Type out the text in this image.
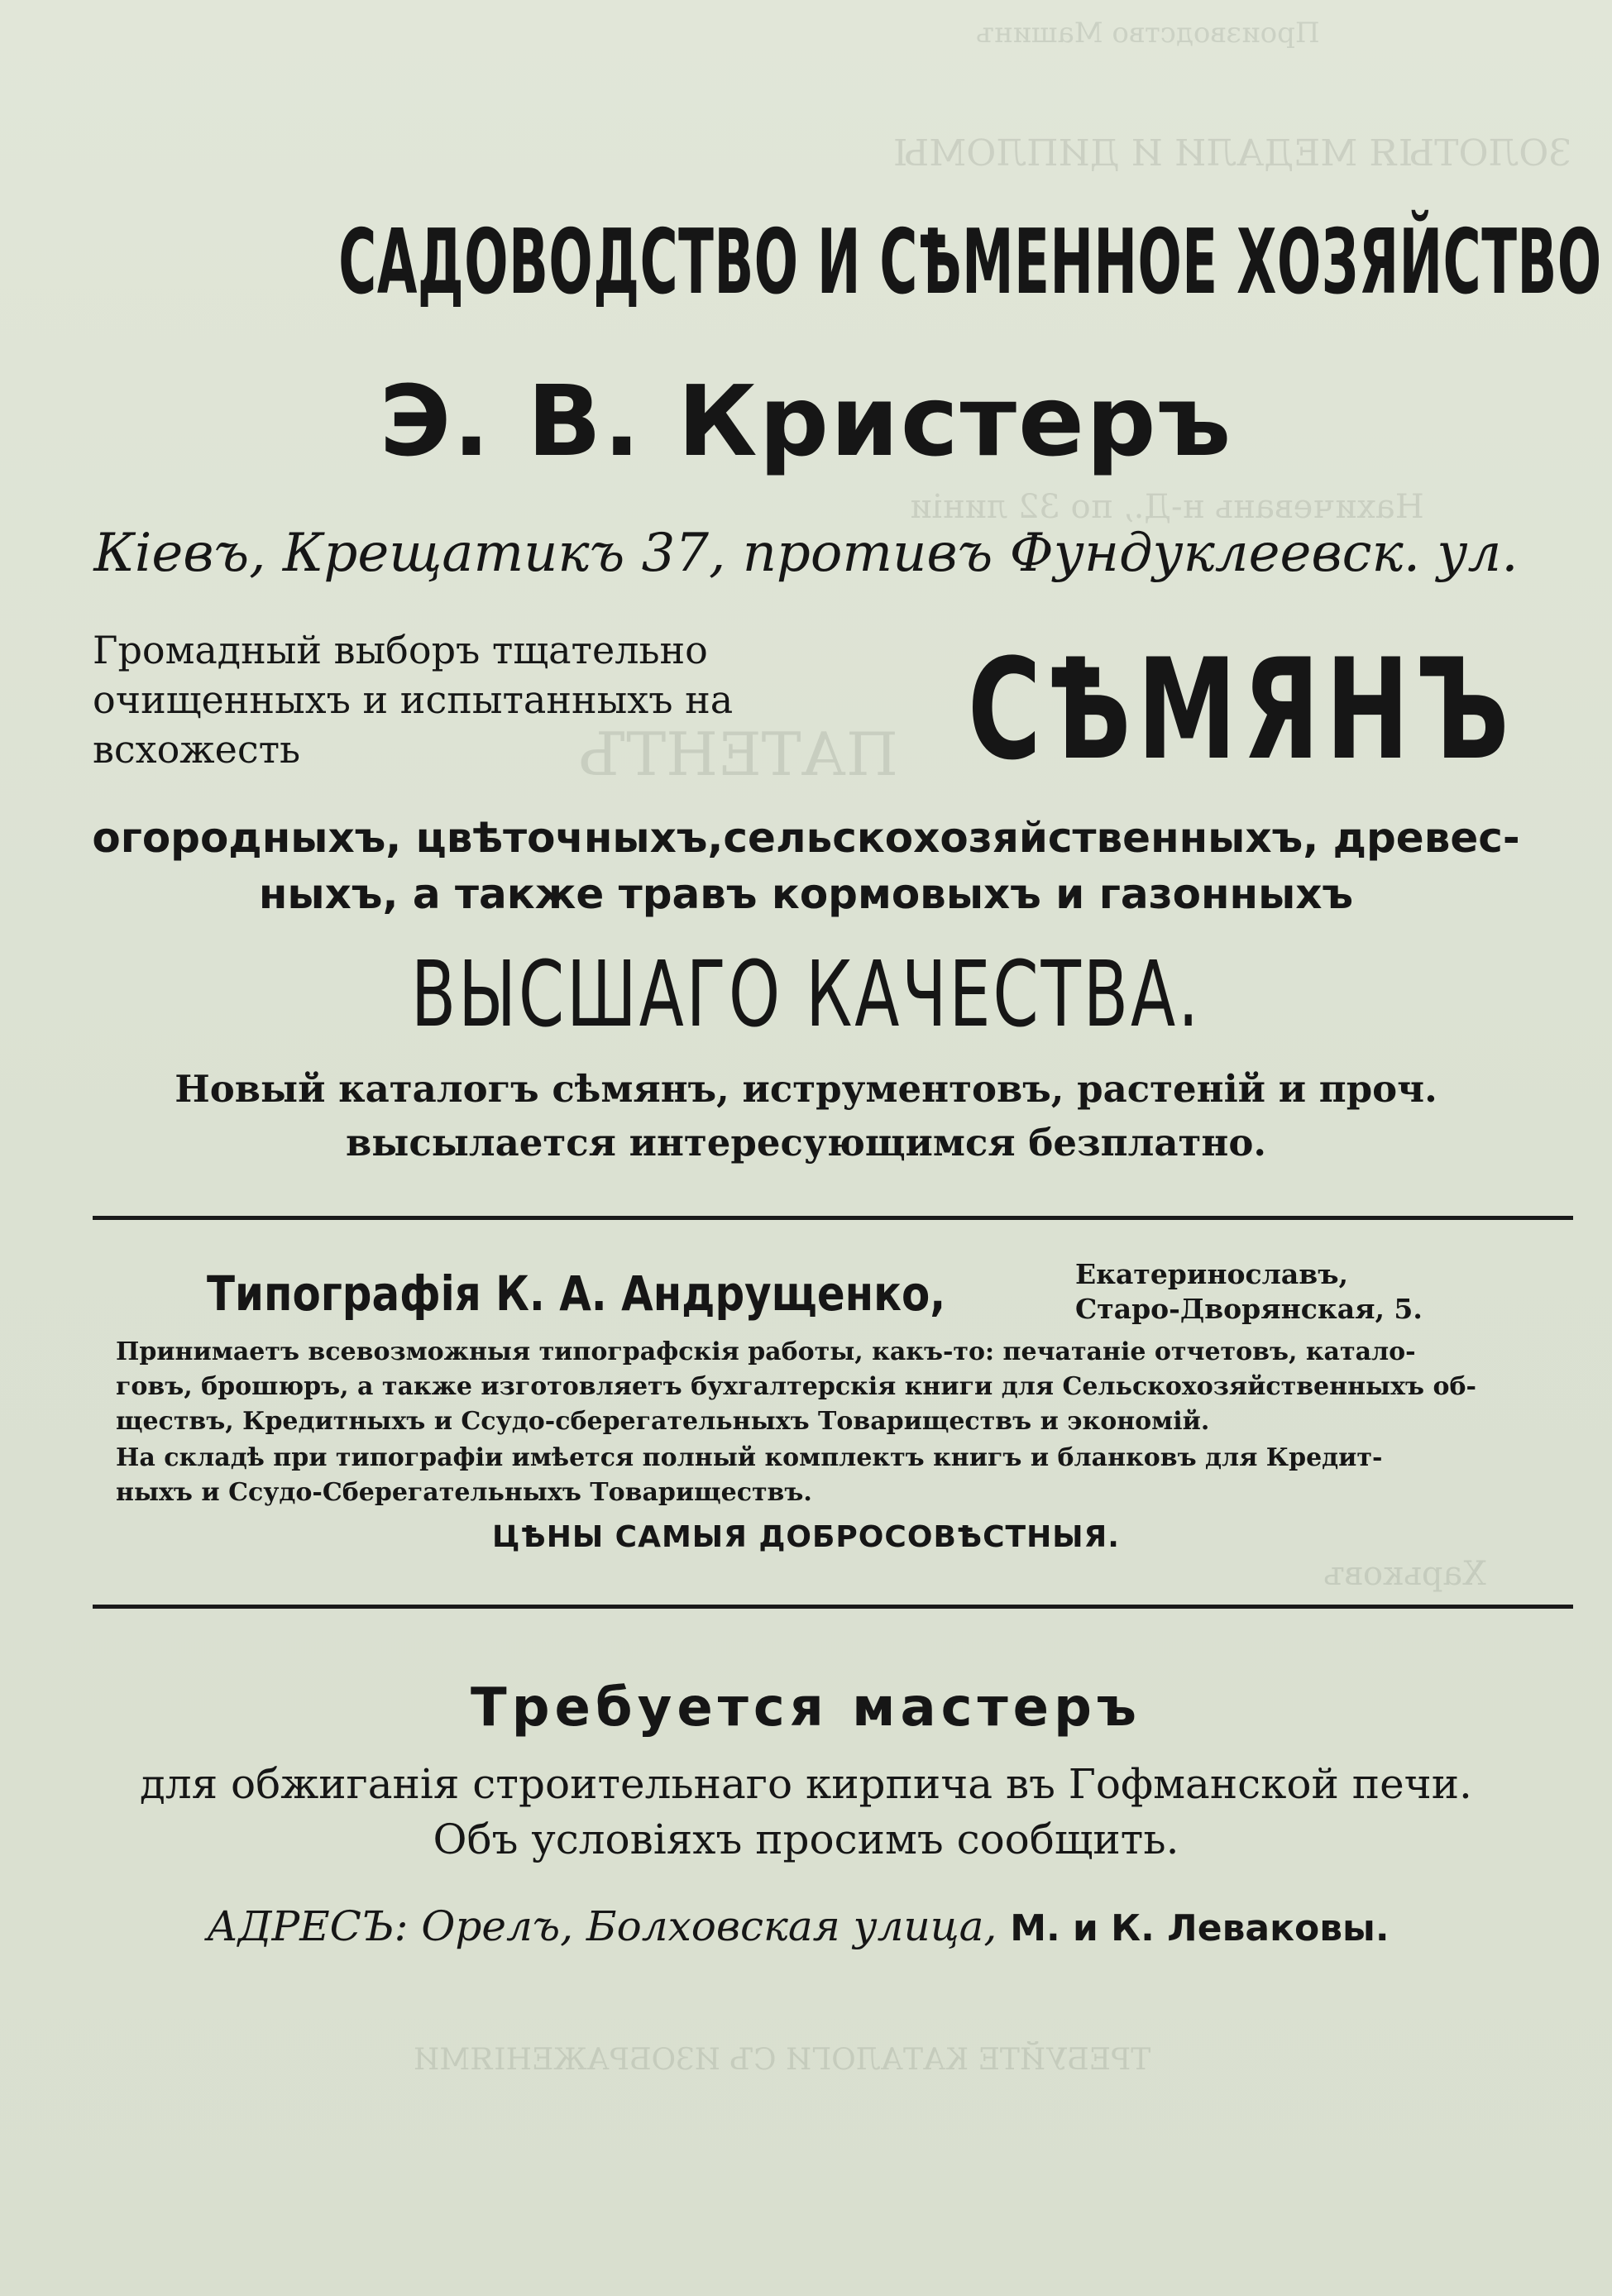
Производство Машинъ
ЗОЛОТЫЯ МЕДАЛИ И ДИПЛОМЫ
Нахичевань н-Д., по 32 линіи
ПАТЕНТЪ
Харьковъ
ТРЕБУЙТЕ КАТАЛОГИ СЪ ИЗОБРАЖЕНІЯМИ
САДОВОДСТВО И СѢМЕННОЕ ХОЗЯЙСТВО
Э. В. Кристеръ
Кіевъ, Крещатикъ 37, противъ Фундуклеевск. ул.
Громадный выборъ тщательно
очищенныхъ и испытанныхъ на
всхожесть	СѢМЯНЪ
огородныхъ, цвѣточныхъ,сельскохозяйственныхъ, древес-
ныхъ, а также травъ кормовыхъ и газонныхъ
ВЫСШАГО КАЧЕСТВА.
Новый каталогъ сѣмянъ, иструментовъ, растеній и проч.
высылается интересующимся безплатно.
Типографія К. А. Андрущенко,	Екатеринославъ,
Старо-Дворянская, 5.
Принимаетъ всевозможныя типографскія работы, какъ-то: печатаніе отчетовъ, катало-
говъ, брошюръ, а также изготовляетъ бухгалтерскія книги для Сельскохозяйственныхъ об-
ществъ, Кредитныхъ и Ссудо-сберегательныхъ Товариществъ и экономій.
На складѣ при типографіи имѣется полный комплектъ книгъ и бланковъ для Кредит-
ныхъ и Ссудо-Сберегательныхъ Товариществъ.
ЦѢНЫ САМЫЯ ДОБРОСОВѢСТНЫЯ.
Требуется мастеръ
для обжиганія строительнаго кирпича въ Гофманской печи.
Объ условіяхъ просимъ сообщить.
АДРЕСЪ: Орелъ, Болховская улица, М. и К. Леваковы.
